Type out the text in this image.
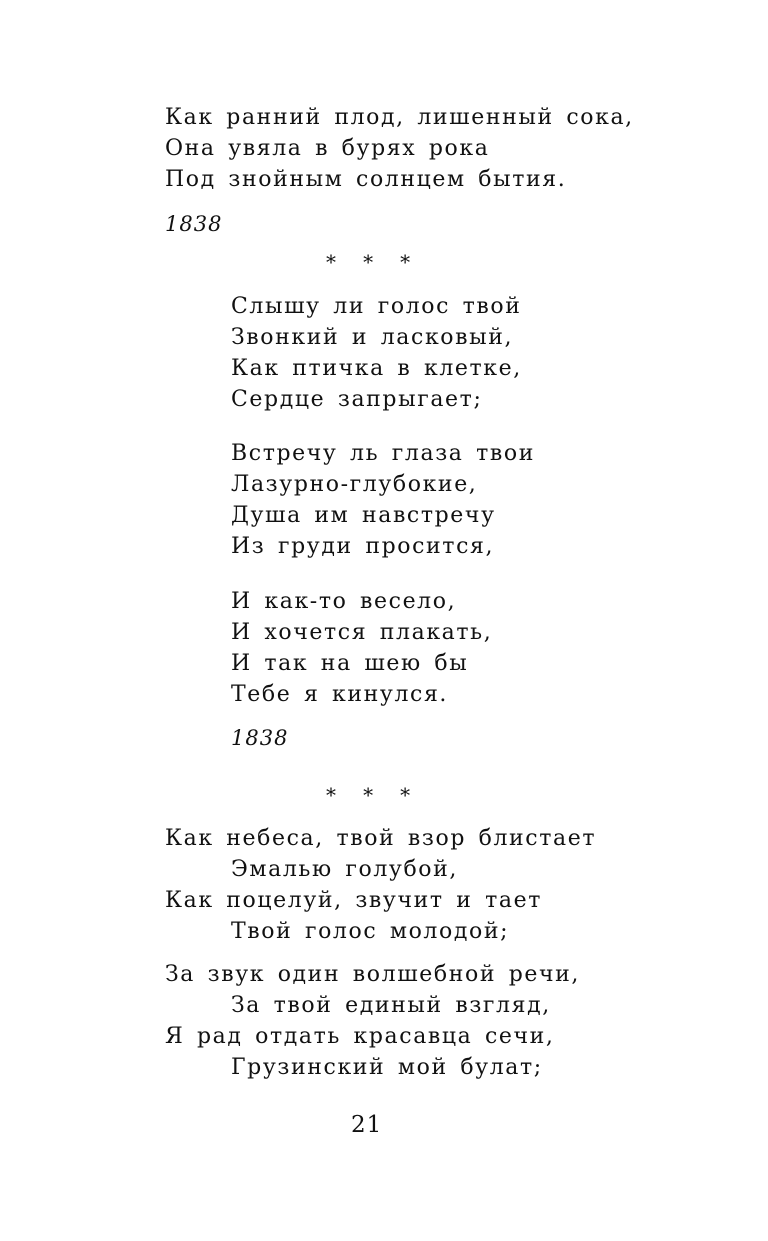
Как ранний плод, лишенный сока,
Она увяла в бурях рока
Под знойным солнцем бытия.
1838
*   *   *
Слышу ли голос твой
Звонкий и ласковый,
Как птичка в клетке,
Сердце запрыгает;
Встречу ль глаза твои
Лазурно-глубокие,
Душа им навстречу
Из груди просится,
И как-то весело,
И хочется плакать,
И так на шею бы
Тебе я кинулся.
1838
*   *   *
Как небеса, твой взор блистает
Эмалью голубой,
Как поцелуй, звучит и тает
Твой голос молодой;
За звук один волшебной речи,
За твой единый взгляд,
Я рад отдать красавца сечи,
Грузинский мой булат;
21
